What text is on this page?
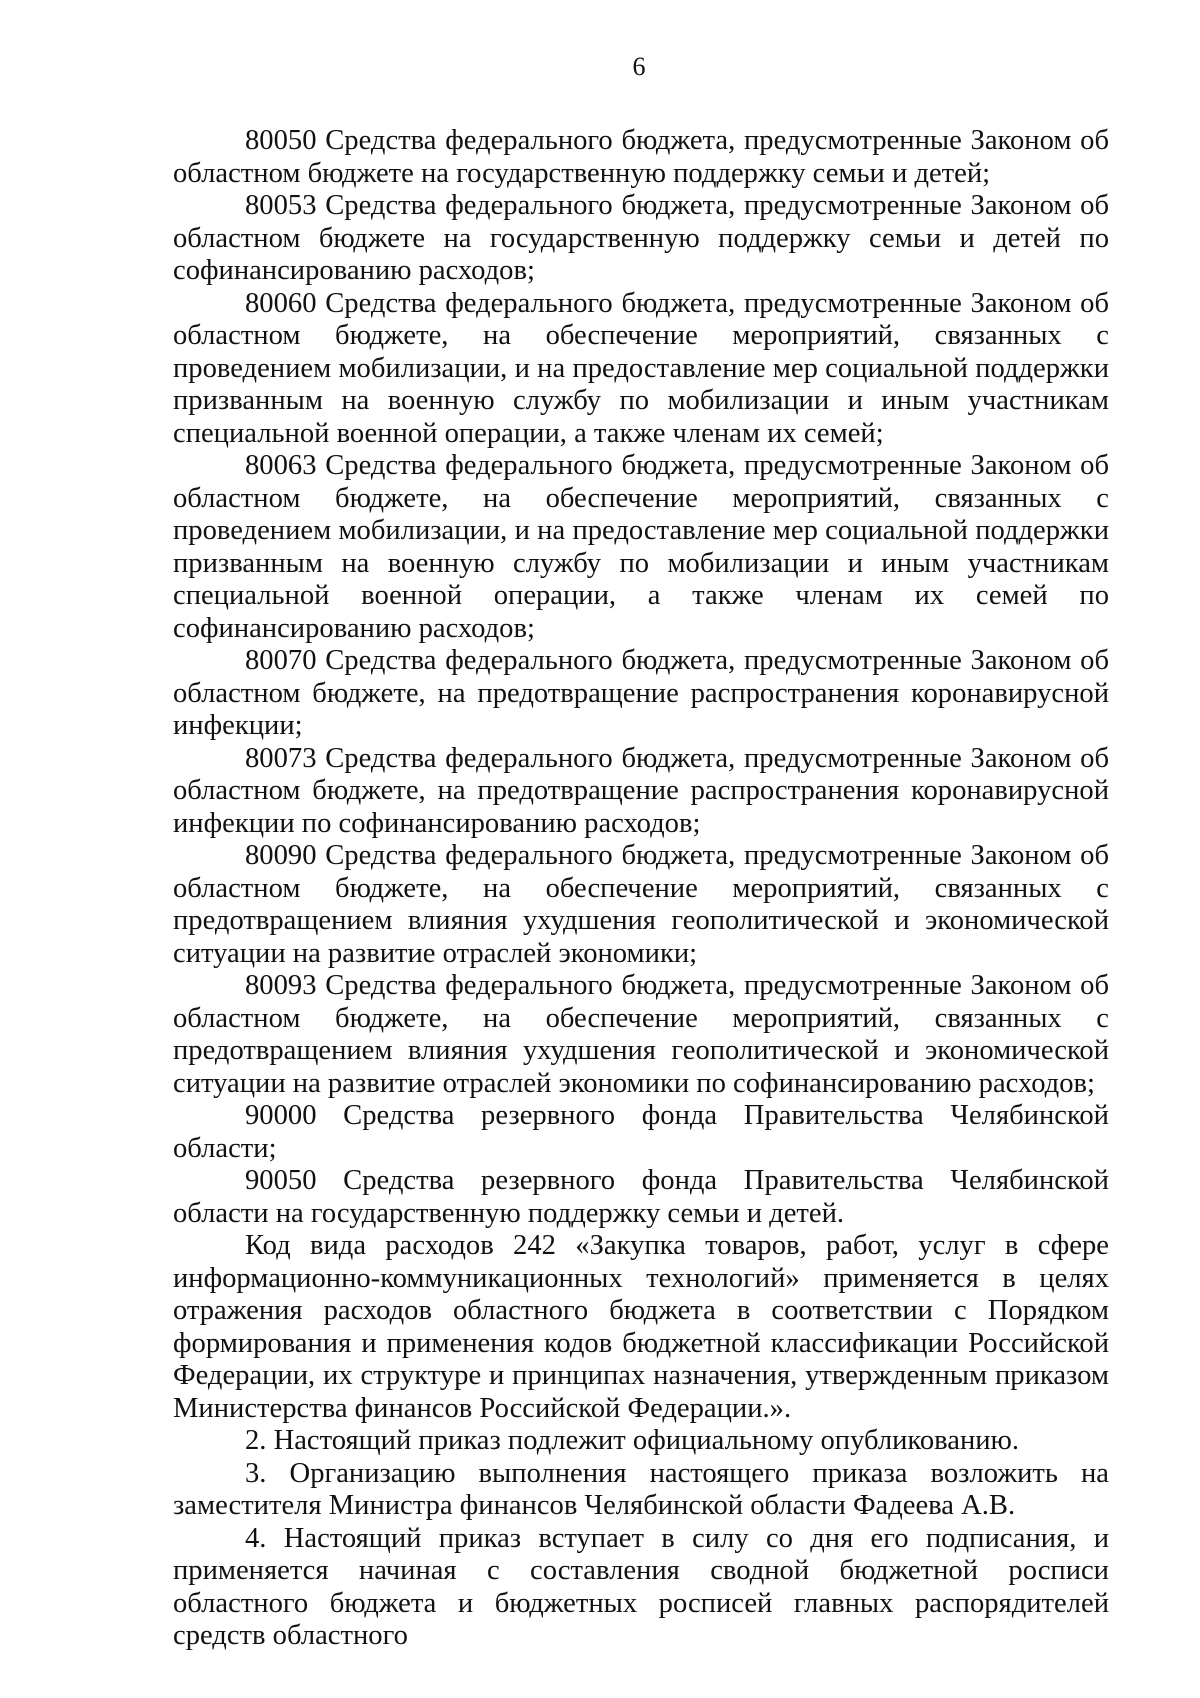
6

80050 Средства федерального бюджета, предусмотренные Законом об областном бюджете на государственную поддержку семьи и детей;

80053 Средства федерального бюджета, предусмотренные Законом об областном бюджете на государственную поддержку семьи и детей по софинансированию расходов;

80060 Средства федерального бюджета, предусмотренные Законом об областном бюджете, на обеспечение мероприятий, связанных с проведением мобилизации, и на предоставление мер социальной поддержки призванным на военную службу по мобилизации и иным участникам специальной военной операции, а также членам их семей;

80063 Средства федерального бюджета, предусмотренные Законом об областном бюджете, на обеспечение мероприятий, связанных с проведением мобилизации, и на предоставление мер социальной поддержки призванным на военную службу по мобилизации и иным участникам специальной военной операции, а также членам их семей по софинансированию расходов;

80070 Средства федерального бюджета, предусмотренные Законом об областном бюджете, на предотвращение распространения коронавирусной инфекции;

80073 Средства федерального бюджета, предусмотренные Законом об областном бюджете, на предотвращение распространения коронавирусной инфекции по софинансированию расходов;

80090 Средства федерального бюджета, предусмотренные Законом об областном бюджете, на обеспечение мероприятий, связанных с предотвращением влияния ухудшения геополитической и экономической ситуации на развитие отраслей экономики;

80093 Средства федерального бюджета, предусмотренные Законом об областном бюджете, на обеспечение мероприятий, связанных с предотвращением влияния ухудшения геополитической и экономической ситуации на развитие отраслей экономики по софинансированию расходов;

90000 Средства резервного фонда Правительства Челябинской области;

90050 Средства резервного фонда Правительства Челябинской области на государственную поддержку семьи и детей.

Код вида расходов 242 «Закупка товаров, работ, услуг в сфере информационно-коммуникационных технологий» применяется в целях отражения расходов областного бюджета в соответствии с Порядком формирования и применения кодов бюджетной классификации Российской Федерации, их структуре и принципах назначения, утвержденным приказом Министерства финансов Российской Федерации.».

2. Настоящий приказ подлежит официальному опубликованию.

3. Организацию выполнения настоящего приказа возложить на заместителя Министра финансов Челябинской области Фадеева А.В.

4. Настоящий приказ вступает в силу со дня его подписания, и применяется начиная с составления сводной бюджетной росписи областного бюджета и бюджетных росписей главных распорядителей средств областного
